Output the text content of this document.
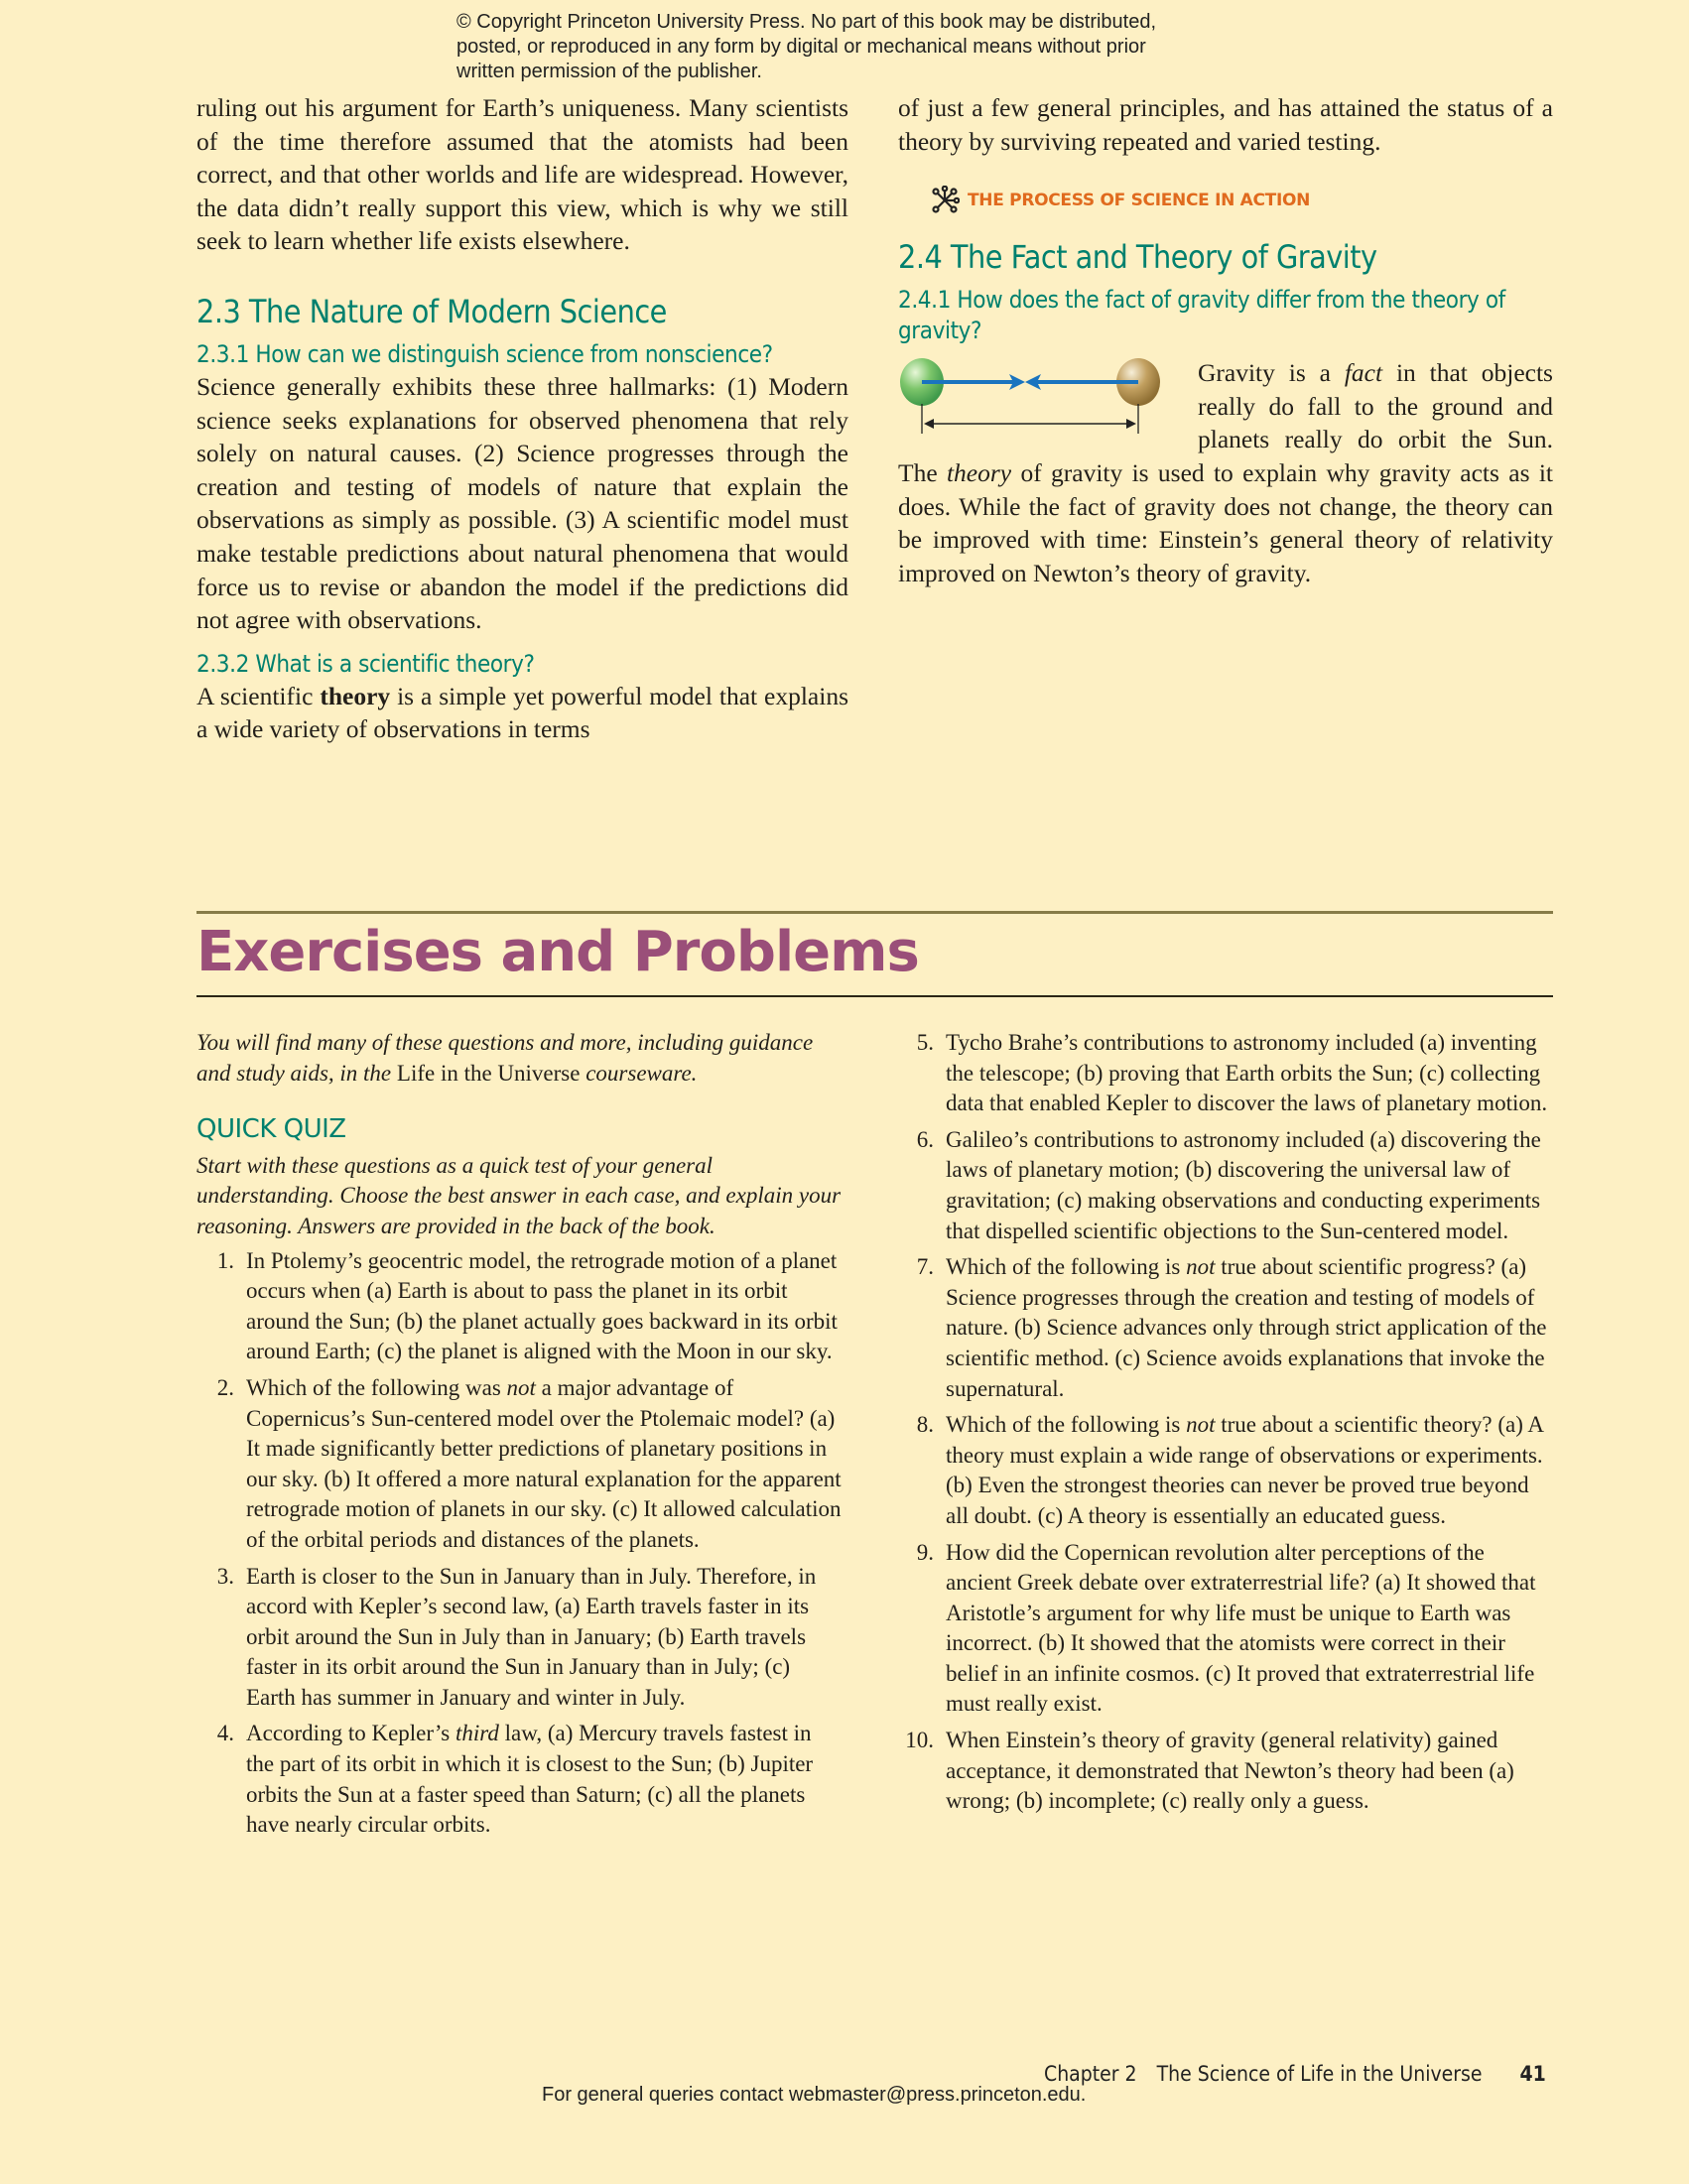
© Copyright Princeton University Press. No part of this book may be distributed, posted, or reproduced in any form by digital or mechanical means without prior written permission of the publisher.

ruling out his argument for Earth’s uniqueness. Many scientists of the time therefore assumed that the atomists had been correct, and that other worlds and life are widespread. However, the data didn’t really support this view, which is why we still seek to learn whether life exists elsewhere.

2.3 The Nature of Modern Science
2.3.1 How can we distinguish science from nonscience?

Science generally exhibits these three hallmarks: (1) Modern science seeks explanations for observed phenomena that rely solely on natural causes. (2) Science progresses through the creation and testing of models of nature that explain the observations as simply as possible. (3) A scientific model must make testable predictions about natural phenomena that would force us to revise or abandon the model if the predictions did not agree with observations.

2.3.2 What is a scientific theory?

A scientific theory is a simple yet powerful model that explains a wide variety of observations in terms

of just a few general principles, and has attained the status of a theory by surviving repeated and varied testing.

THE PROCESS OF SCIENCE IN ACTION
2.4 The Fact and Theory of Gravity
2.4.1 How does the fact of gravity differ from the theory of gravity?

Gravity is a fact in that objects really do fall to the ground and planets really do orbit the Sun. The theory of gravity is used to explain why gravity acts as it does. While the fact of gravity does not change, the theory can be improved with time: Einstein’s general theory of relativity improved on Newton’s theory of gravity.

Exercises and Problems

You will find many of these questions and more, including guidance and study aids, in the Life in the Universe courseware.

QUICK QUIZ

Start with these questions as a quick test of your general understanding. Choose the best answer in each case, and explain your reasoning. Answers are provided in the back of the book.

1. In Ptolemy’s geocentric model, the retrograde motion of a planet occurs when (a) Earth is about to pass the planet in its orbit around the Sun; (b) the planet actually goes backward in its orbit around Earth; (c) the planet is aligned with the Moon in our sky.
2. Which of the following was not a major advantage of Copernicus’s Sun-centered model over the Ptolemaic model? (a) It made significantly better predictions of planetary positions in our sky. (b) It offered a more natural explanation for the apparent retrograde motion of planets in our sky. (c) It allowed calculation of the orbital periods and distances of the planets.
3. Earth is closer to the Sun in January than in July. Therefore, in accord with Kepler’s second law, (a) Earth travels faster in its orbit around the Sun in July than in January; (b) Earth travels faster in its orbit around the Sun in January than in July; (c) Earth has summer in January and winter in July.
4. According to Kepler’s third law, (a) Mercury travels fastest in the part of its orbit in which it is closest to the Sun; (b) Jupiter orbits the Sun at a faster speed than Saturn; (c) all the planets have nearly circular orbits.
5. Tycho Brahe’s contributions to astronomy included (a) inventing the telescope; (b) proving that Earth orbits the Sun; (c) collecting data that enabled Kepler to discover the laws of planetary motion.
6. Galileo’s contributions to astronomy included (a) discovering the laws of planetary motion; (b) discovering the universal law of gravitation; (c) making observations and conducting experiments that dispelled scientific objections to the Sun-centered model.
7. Which of the following is not true about scientific progress? (a) Science progresses through the creation and testing of models of nature. (b) Science advances only through strict application of the scientific method. (c) Science avoids explanations that invoke the supernatural.
8. Which of the following is not true about a scientific theory? (a) A theory must explain a wide range of observations or experiments. (b) Even the strongest theories can never be proved true beyond all doubt. (c) A theory is essentially an educated guess.
9. How did the Copernican revolution alter perceptions of the ancient Greek debate over extraterrestrial life? (a) It showed that Aristotle’s argument for why life must be unique to Earth was incorrect. (b) It showed that the atomists were correct in their belief in an infinite cosmos. (c) It proved that extraterrestrial life must really exist.
10. When Einstein’s theory of gravity (general relativity) gained acceptance, it demonstrated that Newton’s theory had been (a) wrong; (b) incomplete; (c) really only a guess.
Chapter 2 The Science of Life in the Universe 41
For general queries contact webmaster@press.princeton.edu.
